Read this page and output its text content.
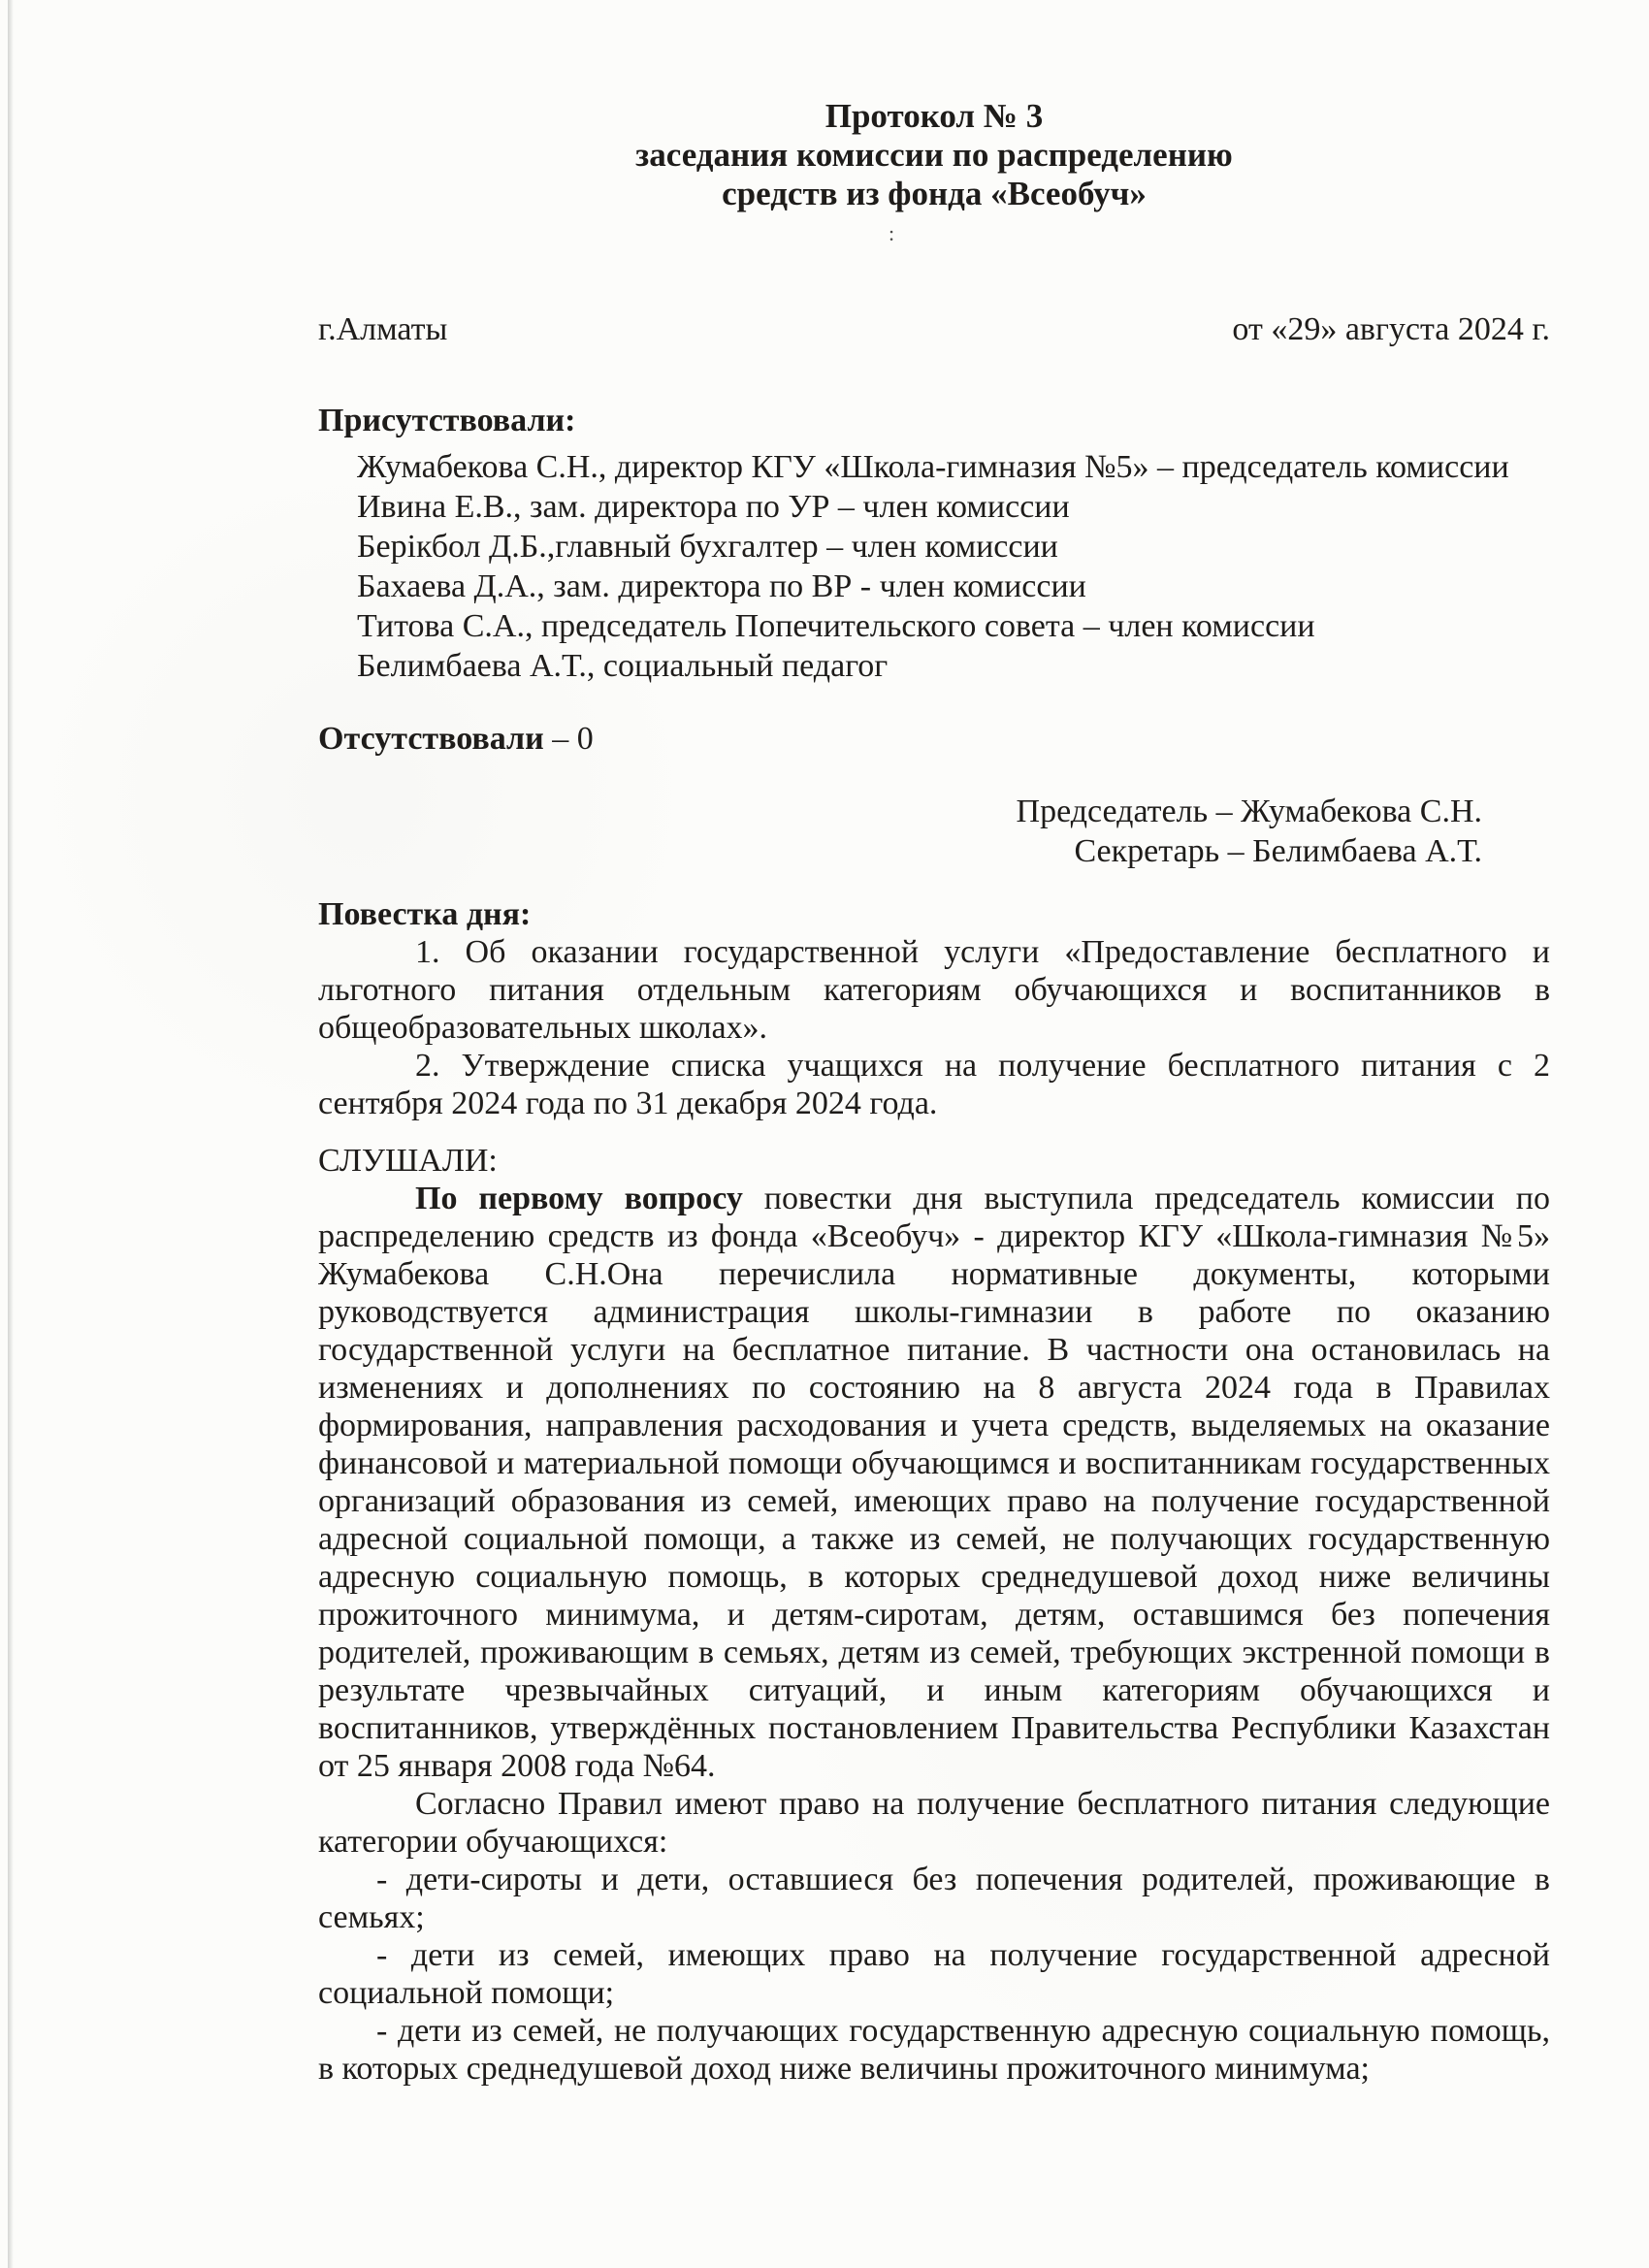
:
Протокол № 3
заседания комиссии по распределению
средств из фонда «Всеобуч»
г.Алматы	от «29» августа 2024 г.
Присутствовали:
Жумабекова С.Н., директор КГУ «Школа-гимназия №5» – председатель комиссии
Ивина Е.В., зам. директора по УР – член комиссии
Берікбол Д.Б.,главный бухгалтер – член комиссии
Бахаева Д.А., зам. директора по ВР - член комиссии
Титова С.А., председатель Попечительского совета – член комиссии
Белимбаева А.Т., социальный педагог
Отсутствовали – 0
Председатель – Жумабекова С.Н.
Секретарь – Белимбаева А.Т.
Повестка дня:
1. Об оказании государственной услуги «Предоставление бесплатного и льготного питания отдельным категориям обучающихся и воспитанников в общеобразовательных школах».
2. Утверждение списка учащихся на получение бесплатного питания с 2 сентября 2024 года по 31 декабря 2024 года.
СЛУШАЛИ:

По первому вопросу повестки дня выступила председатель комиссии по распределению средств из фонда «Всеобуч» - директор КГУ «Школа-гимназия №5» Жумабекова С.Н.Она перечислила нормативные документы, которыми руководствуется администрация школы-гимназии в работе по оказанию государственной услуги на бесплатное питание. В частности она остановилась на изменениях и дополнениях по состоянию на 8 августа 2024 года в Правилах формирования, направления расходования и учета средств, выделяемых на оказание финансовой и материальной помощи обучающимся и воспитанникам государственных организаций образования из семей, имеющих право на получение государственной адресной социальной помощи, а также из семей, не получающих государственную адресную социальную помощь, в которых среднедушевой доход ниже величины прожиточного минимума, и детям-сиротам, детям, оставшимся без попечения родителей, проживающим в семьях, детям из семей, требующих экстренной помощи в результате чрезвычайных ситуаций, и иным категориям обучающихся и воспитанников, утверждённых постановлением Правительства Республики Казахстан от 25 января 2008 года №64.

Согласно Правил имеют право на получение бесплатного питания следующие категории обучающихся:

- дети-сироты и дети, оставшиеся без попечения родителей, проживающие в семьях;

- дети из семей, имеющих право на получение государственной адресной социальной помощи;

- дети из семей, не получающих государственную адресную социальную помощь, в которых среднедушевой доход ниже величины прожиточного минимума;
